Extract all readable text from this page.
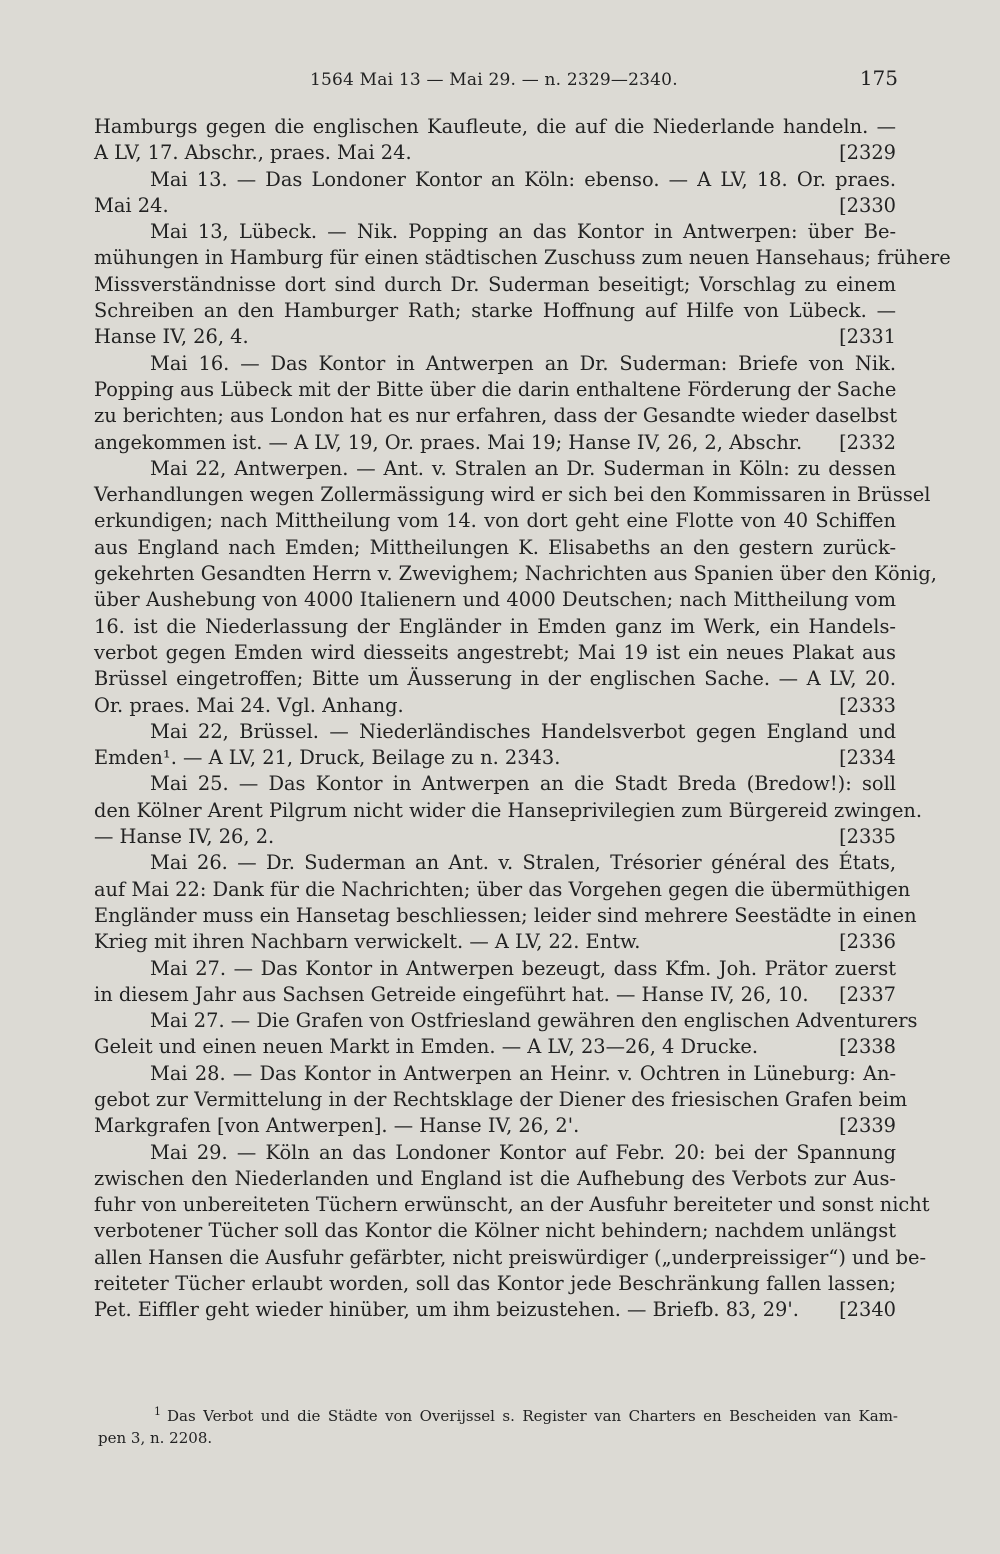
1564 Mai 13 — Mai 29. — n. 2329—2340.	175
Hamburgs gegen die englischen Kaufleute, die auf die Niederlande handeln. —
A LV, 17. Abschr., praes. Mai 24.	[2329
Mai 13. — Das Londoner Kontor an Köln: ebenso. — A LV, 18. Or. praes.
Mai 24.	[2330
Mai 13, Lübeck. — Nik. Popping an das Kontor in Antwerpen: über Be-
mühungen in Hamburg für einen städtischen Zuschuss zum neuen Hansehaus; frühere
Missverständnisse dort sind durch Dr. Suderman beseitigt; Vorschlag zu einem
Schreiben an den Hamburger Rath; starke Hoffnung auf Hilfe von Lübeck. —
Hanse IV, 26, 4.	[2331
Mai 16. — Das Kontor in Antwerpen an Dr. Suderman: Briefe von Nik.
Popping aus Lübeck mit der Bitte über die darin enthaltene Förderung der Sache
zu berichten; aus London hat es nur erfahren, dass der Gesandte wieder daselbst
angekommen ist. — A LV, 19, Or. praes. Mai 19; Hanse IV, 26, 2, Abschr.	[2332
Mai 22, Antwerpen. — Ant. v. Stralen an Dr. Suderman in Köln: zu dessen
Verhandlungen wegen Zollermässigung wird er sich bei den Kommissaren in Brüssel
erkundigen; nach Mittheilung vom 14. von dort geht eine Flotte von 40 Schiffen
aus England nach Emden; Mittheilungen K. Elisabeths an den gestern zurück-
gekehrten Gesandten Herrn v. Zwevighem; Nachrichten aus Spanien über den König,
über Aushebung von 4000 Italienern und 4000 Deutschen; nach Mittheilung vom
16. ist die Niederlassung der Engländer in Emden ganz im Werk, ein Handels-
verbot gegen Emden wird diesseits angestrebt; Mai 19 ist ein neues Plakat aus
Brüssel eingetroffen; Bitte um Äusserung in der englischen Sache. — A LV, 20.
Or. praes. Mai 24. Vgl. Anhang.	[2333
Mai 22, Brüssel. — Niederländisches Handelsverbot gegen England und
Emden¹. — A LV, 21, Druck, Beilage zu n. 2343.	[2334
Mai 25. — Das Kontor in Antwerpen an die Stadt Breda (Bredow!): soll
den Kölner Arent Pilgrum nicht wider die Hanseprivilegien zum Bürgereid zwingen.
— Hanse IV, 26, 2.	[2335
Mai 26. — Dr. Suderman an Ant. v. Stralen, Trésorier général des États,
auf Mai 22: Dank für die Nachrichten; über das Vorgehen gegen die übermüthigen
Engländer muss ein Hansetag beschliessen; leider sind mehrere Seestädte in einen
Krieg mit ihren Nachbarn verwickelt. — A LV, 22. Entw.	[2336
Mai 27. — Das Kontor in Antwerpen bezeugt, dass Kfm. Joh. Prätor zuerst
in diesem Jahr aus Sachsen Getreide eingeführt hat. — Hanse IV, 26, 10.	[2337
Mai 27. — Die Grafen von Ostfriesland gewähren den englischen Adventurers
Geleit und einen neuen Markt in Emden. — A LV, 23—26, 4 Drucke.	[2338
Mai 28. — Das Kontor in Antwerpen an Heinr. v. Ochtren in Lüneburg: An-
gebot zur Vermittelung in der Rechtsklage der Diener des friesischen Grafen beim
Markgrafen [von Antwerpen]. — Hanse IV, 26, 2'.	[2339
Mai 29. — Köln an das Londoner Kontor auf Febr. 20: bei der Spannung
zwischen den Niederlanden und England ist die Aufhebung des Verbots zur Aus-
fuhr von unbereiteten Tüchern erwünscht, an der Ausfuhr bereiteter und sonst nicht
verbotener Tücher soll das Kontor die Kölner nicht behindern; nachdem unlängst
allen Hansen die Ausfuhr gefärbter, nicht preiswürdiger („underpreissiger“) und be-
reiteter Tücher erlaubt worden, soll das Kontor jede Beschränkung fallen lassen;
Pet. Eiffler geht wieder hinüber, um ihm beizustehen. — Briefb. 83, 29'.	[2340
$^1$ Das Verbot und die Städte von Overijssel s. Register van Charters en Bescheiden van Kam-
pen 3, n. 2208.
